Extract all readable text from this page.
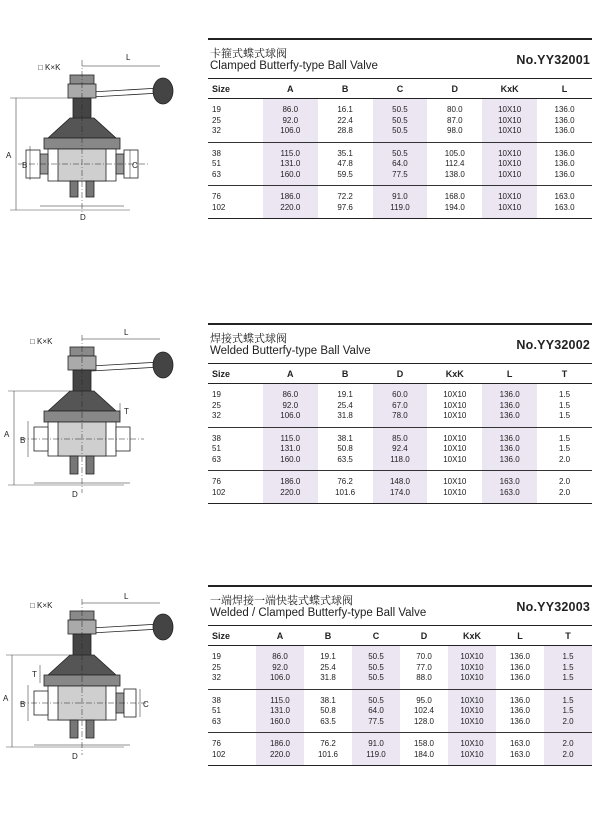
□ K×K
L
A
B	C
D
卡箍式蝶式球阀
Clamped Butterfy-type Ball Valve	No.YY32001
Size	A	B	C	D	KxK	L
19	86.0	16.1	50.5	80.0	10X10	136.0
25	92.0	22.4	50.5	87.0	10X10	136.0
32	106.0	28.8	50.5	98.0	10X10	136.0
38	115.0	35.1	50.5	105.0	10X10	136.0
51	131.0	47.8	64.0	112.4	10X10	136.0
63	160.0	59.5	77.5	138.0	10X10	136.0
76	186.0	72.2	91.0	168.0	10X10	163.0
102	220.0	97.6	119.0	194.0	10X10	163.0
□ K×K
L
A
B
T
D
焊接式蝶式球阀
Welded Butterfy-type Ball Valve	No.YY32002
Size	A	B	D	KxK	L	T
19	86.0	19.1	60.0	10X10	136.0	1.5
25	92.0	25.4	67.0	10X10	136.0	1.5
32	106.0	31.8	78.0	10X10	136.0	1.5
38	115.0	38.1	85.0	10X10	136.0	1.5
51	131.0	50.8	92.4	10X10	136.0	1.5
63	160.0	63.5	118.0	10X10	136.0	2.0
76	186.0	76.2	148.0	10X10	163.0	2.0
102	220.0	101.6	174.0	10X10	163.0	2.0
□ K×K
L
A
B
T
C
D
一端焊接一端快装式蝶式球阀
Welded / Clamped Butterfy-type Ball Valve	No.YY32003
Size	A	B	C	D	KxK	L	T
19	86.0	19.1	50.5	70.0	10X10	136.0	1.5
25	92.0	25.4	50.5	77.0	10X10	136.0	1.5
32	106.0	31.8	50.5	88.0	10X10	136.0	1.5
38	115.0	38.1	50.5	95.0	10X10	136.0	1.5
51	131.0	50.8	64.0	102.4	10X10	136.0	1.5
63	160.0	63.5	77.5	128.0	10X10	136.0	2.0
76	186.0	76.2	91.0	158.0	10X10	163.0	2.0
102	220.0	101.6	119.0	184.0	10X10	163.0	2.0
